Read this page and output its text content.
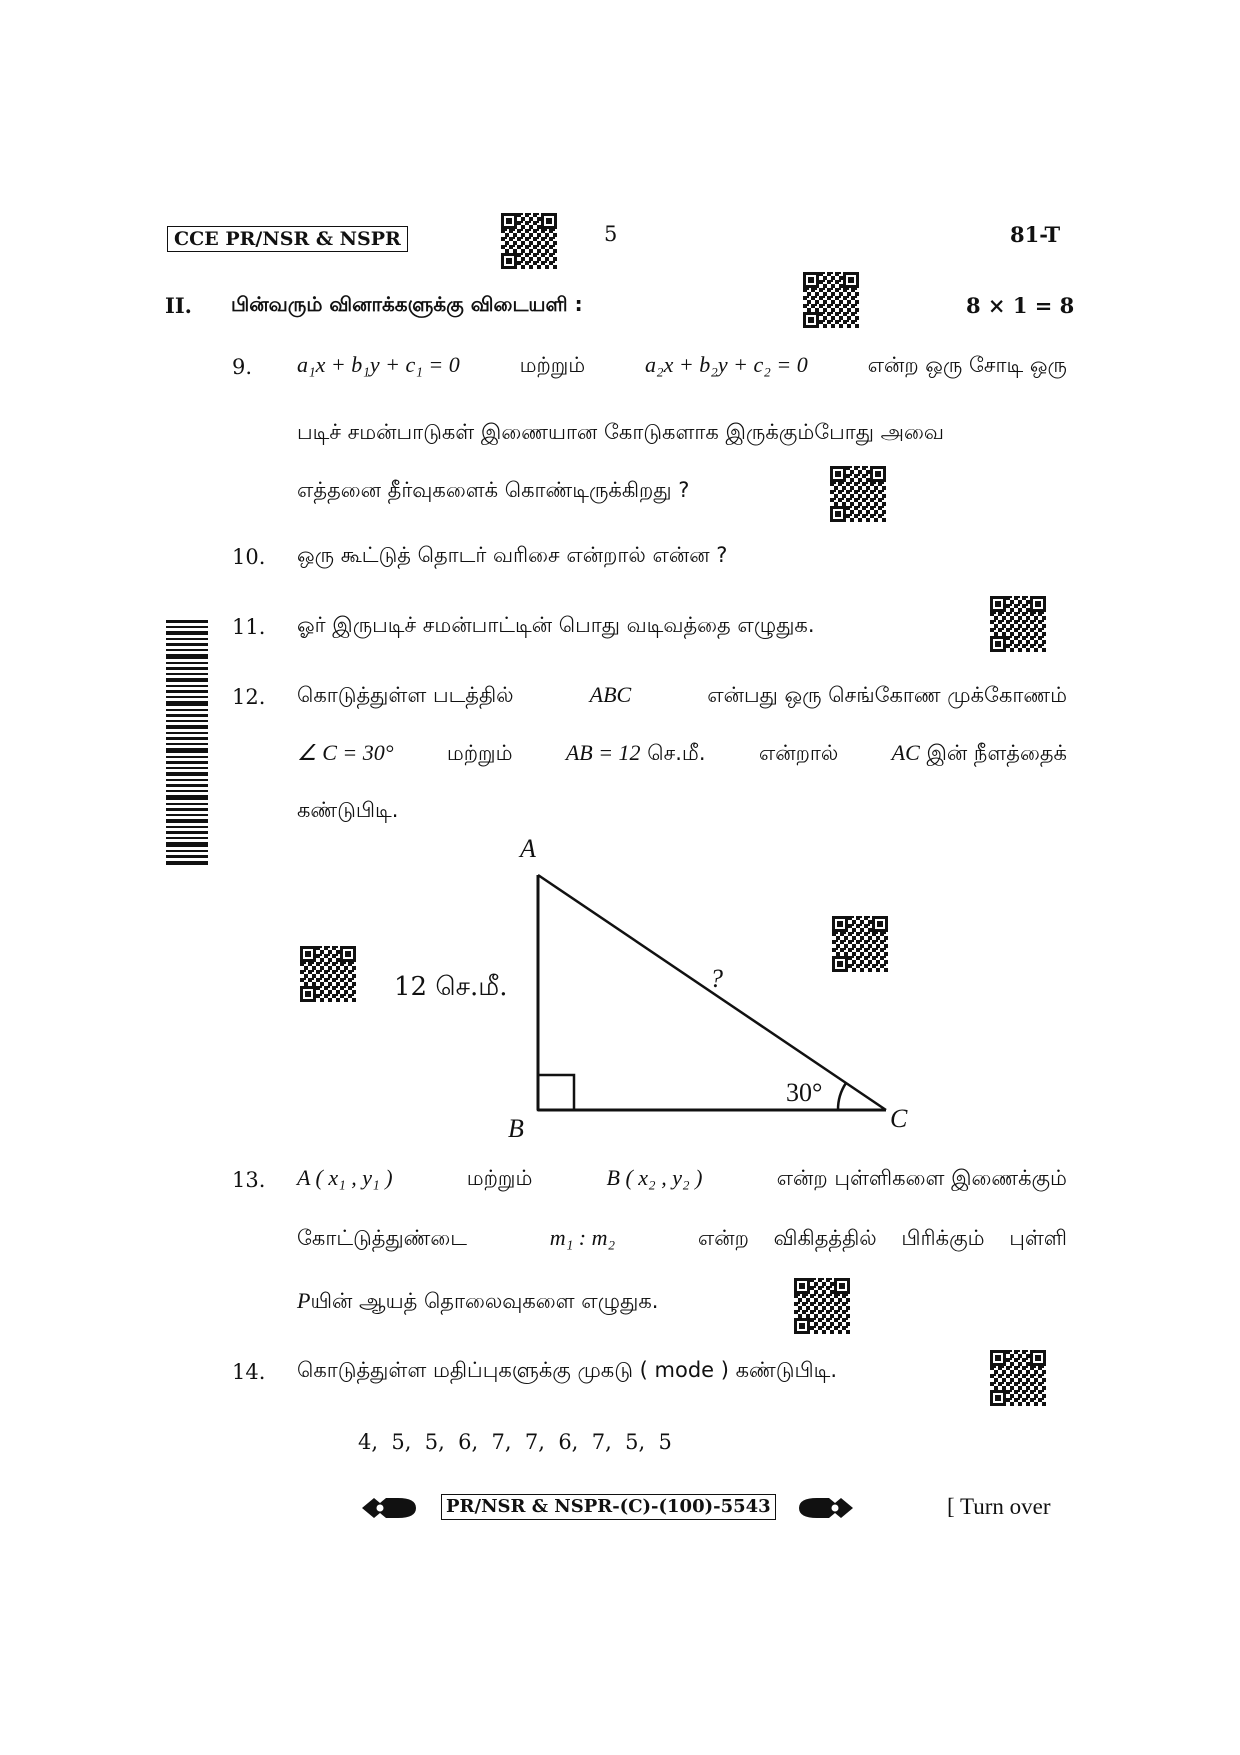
CCE PR/NSR & NSPR	5	81-T
II. பின்வரும் வினாக்களுக்கு விடையளி :	8 × 1 = 8
9. a₁x + b₁y + c₁ = 0	மற்றும்	a₂x + b₂y + c₂ = 0	என்ற ஒரு சோடி ஒரு
படிச் சமன்பாடுகள் இணையான கோடுகளாக இருக்கும்போது அவை
எத்தனை தீர்வுகளைக் கொண்டிருக்கிறது ?
10. ஒரு கூட்டுத் தொடர் வரிசை என்றால் என்ன ?
11. ஓர் இருபடிச் சமன்பாட்டின் பொது வடிவத்தை எழுதுக.
12. கொடுத்துள்ள படத்தில்	ABC	என்பது ஒரு செங்கோண முக்கோணம்
∠ C = 30°	மற்றும் AB = 12 செ.மீ.	என்றால் AC இன் நீளத்தைக்
கண்டுபிடி.
A
B	C
12 செ.மீ.	?
30°
13. A ( x₁ , y₁ )	மற்றும்	B ( x₂ , y₂ )	என்ற புள்ளிகளை இணைக்கும்
கோட்டுத்துண்டை	m₁ : m₂	என்ற விகிதத்தில் பிரிக்கும் புள்ளி
Pயின் ஆயத் தொலைவுகளை எழுதுக.
14. கொடுத்துள்ள மதிப்புகளுக்கு முகடு ( mode ) கண்டுபிடி.
4,  5,  5,  6,  7,  7,  6,  7,  5,  5
PR/NSR & NSPR-(C)-(100)-5543	[ Turn over
